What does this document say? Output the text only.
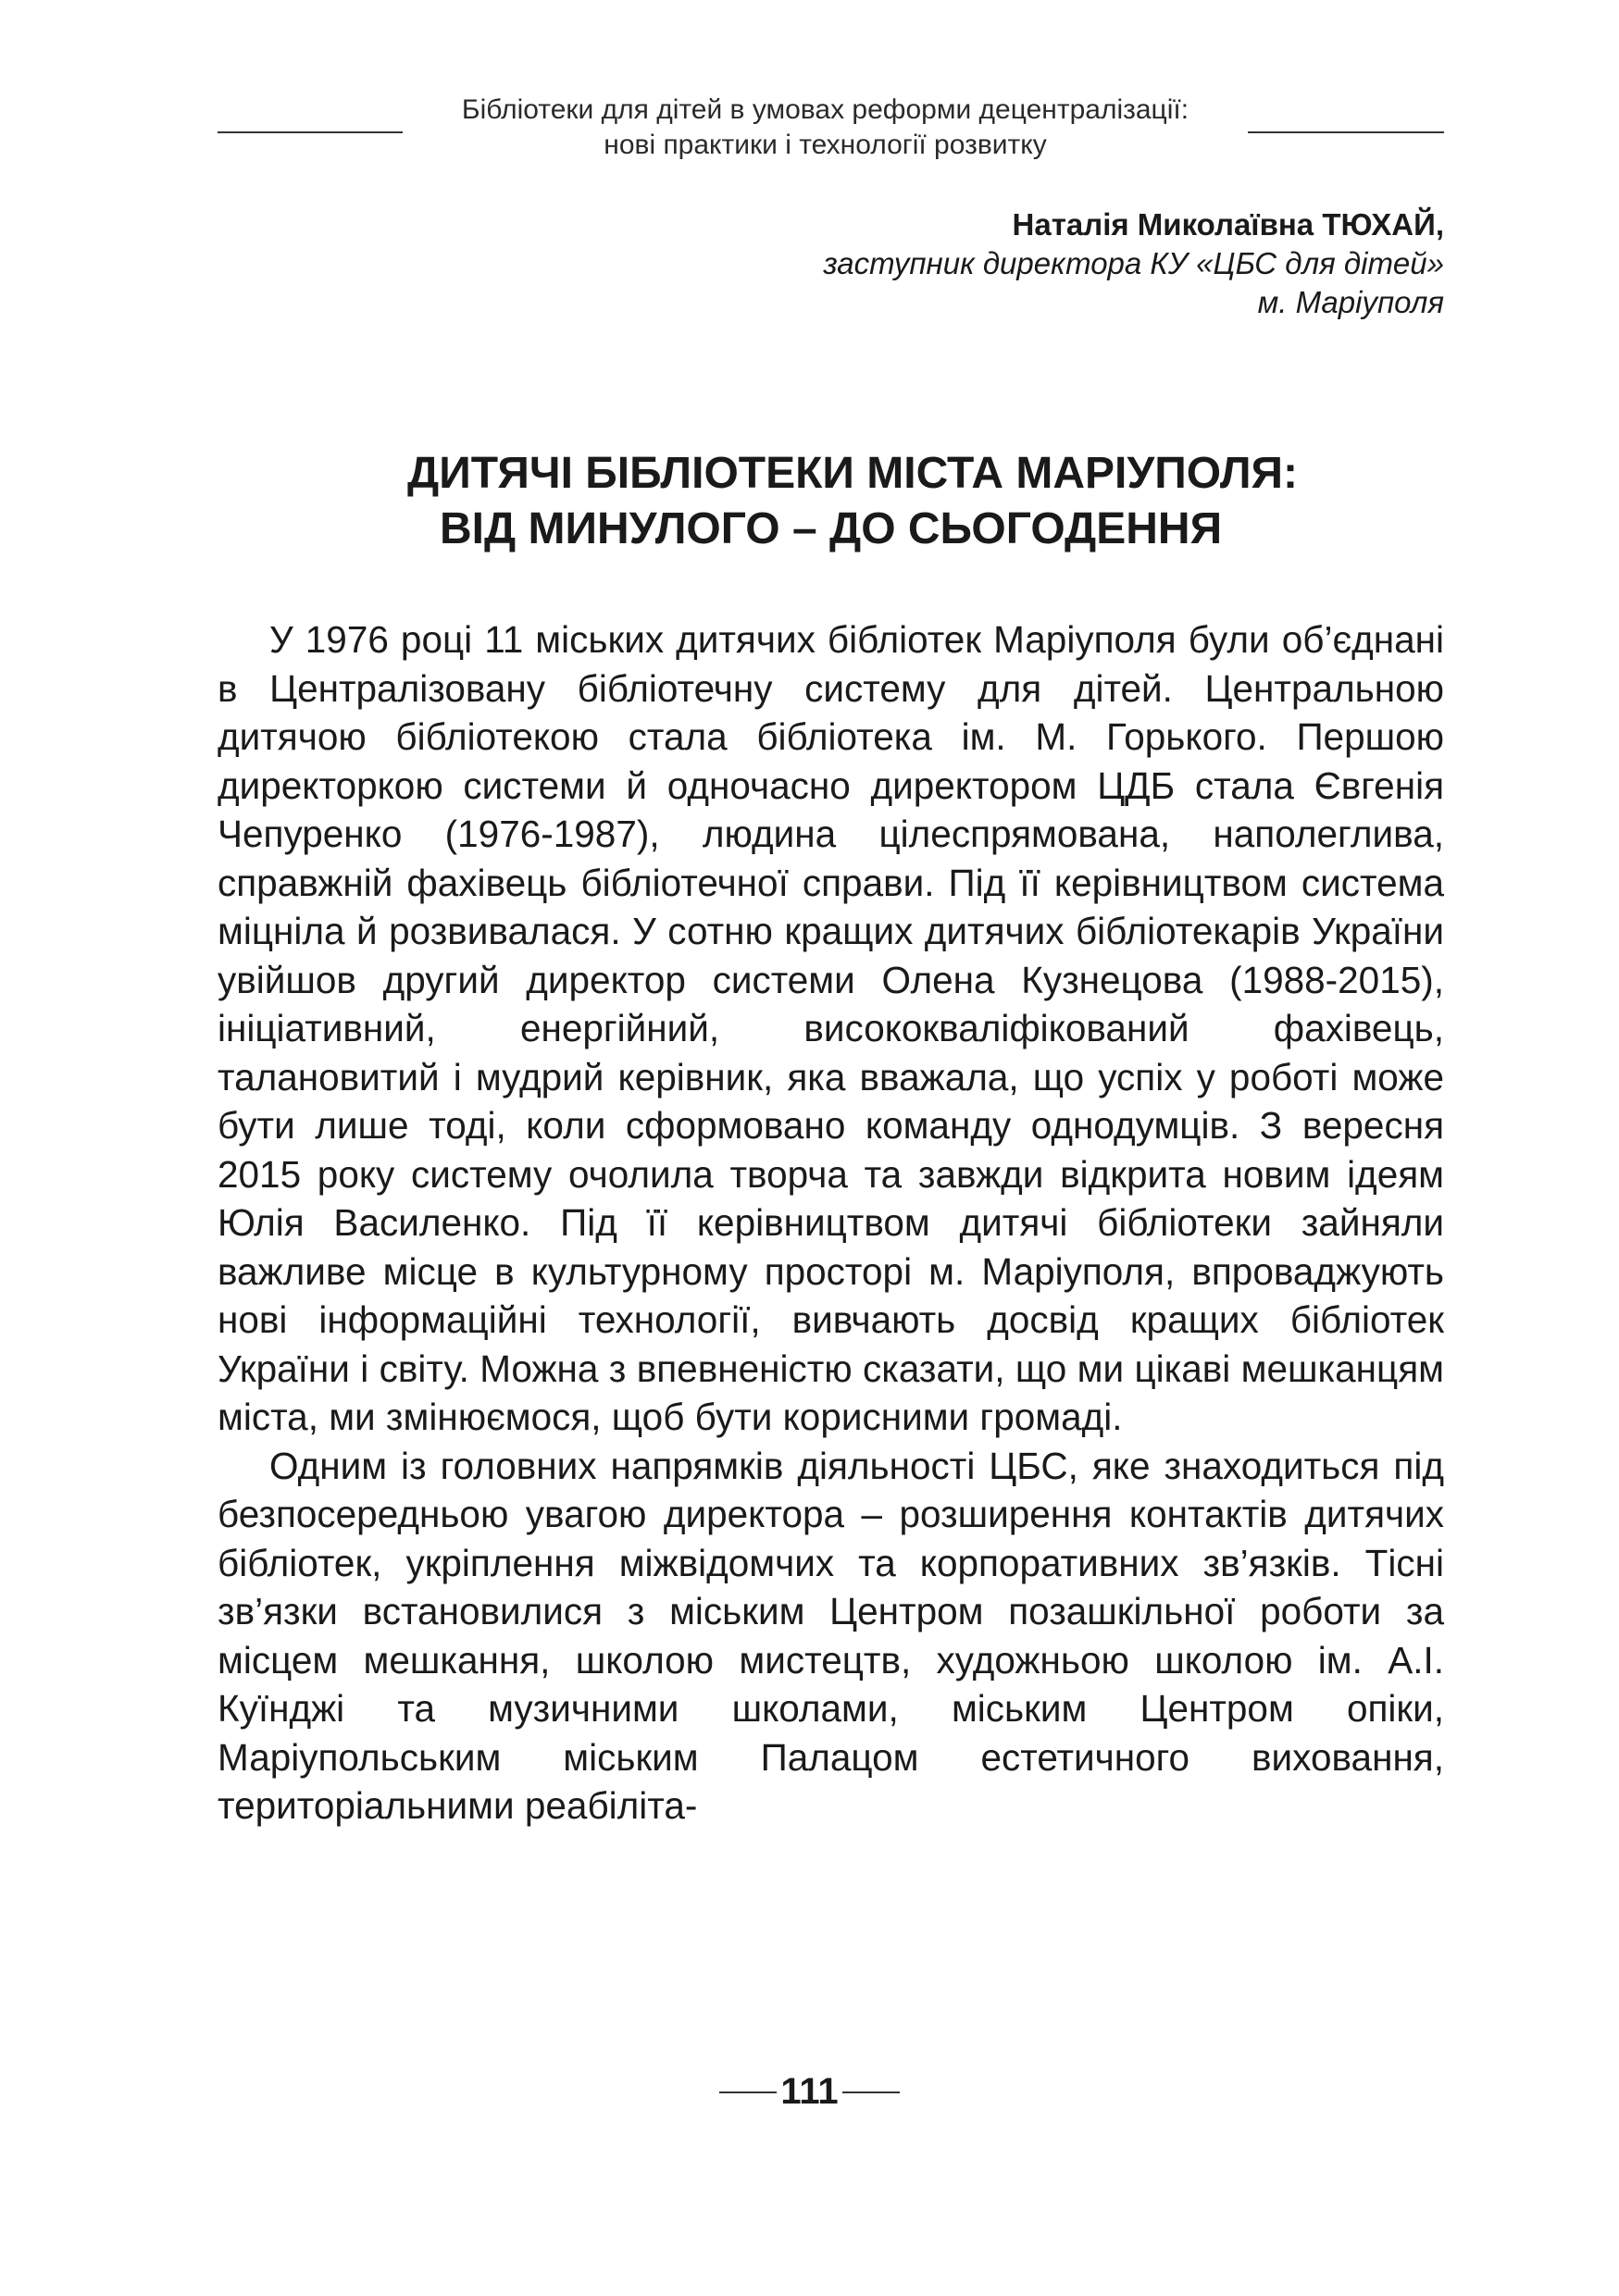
Бібліотеки для дітей в умовах реформи децентралізації:
нові практики і технології розвитку
Наталія Миколаївна ТЮХАЙ,
заступник директора КУ «ЦБС для дітей»
м. Маріуполя
ДИТЯЧІ БІБЛІОТЕКИ МІСТА МАРІУПОЛЯ:
ВІД МИНУЛОГО – ДО СЬОГОДЕННЯ

У 1976 році 11 міських дитячих бібліотек Маріуполя були об’єднані в Централізовану бібліотечну систему для дітей. Центральною дитячою бібліотекою стала бібліотека ім. М. Горького. Першою директоркою системи й одночасно директором ЦДБ стала Євгенія Чепуренко (1976-1987), людина цілеспрямована, наполеглива, справжній фахівець бібліотечної справи. Під її керівництвом система міцніла й розвивалася. У сотню кращих дитячих бібліотекарів України увійшов другий директор системи Олена Кузнецова (1988-2015), ініціативний, енергійний, висококваліфікований фахівець, талановитий і мудрий керівник, яка вважала, що успіх у роботі може бути лише тоді, коли сформовано команду однодумців. З вересня 2015 року систему очолила творча та завжди відкрита новим ідеям Юлія Василенко. Під її керівництвом дитячі бібліотеки зайняли важливе місце в культурному просторі м. Маріуполя, впроваджують нові інформаційні технології, вивчають досвід кращих бібліотек України і світу. Можна з впевненістю сказати, що ми цікаві мешканцям міста, ми змінюємося, щоб бути корисними громаді.

Одним із головних напрямків діяльності ЦБС, яке знаходиться під безпосередньою увагою директора – розширення контактів дитячих бібліотек, укріплення міжвідомчих та корпоративних зв’язків. Тісні зв’язки встановилися з міським Центром позашкільної роботи за місцем мешкання, школою мистецтв, художньою школою ім. А.І. Куїнджі та музичними школами, міським Центром опіки, Маріупольським міським Палацом естетичного виховання, територіальними реабіліта-

111
